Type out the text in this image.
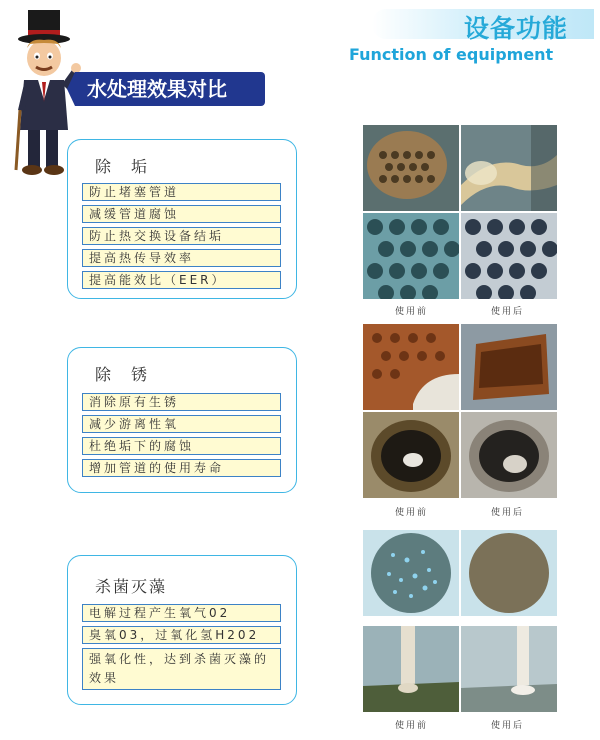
设备功能
Function of equipment
水处理效果对比
除　垢
防止堵塞管道
减缓管道腐蚀
防止热交换设备结垢
提高热传导效率
提高能效比（EER）
除　锈
消除原有生锈
减少游离性氧
杜绝垢下的腐蚀
增加管道的使用寿命
杀菌灭藻
电解过程产生氧气02
臭氧03，过氧化氢H202
强氧化性，达到杀菌灭藻的效果
使用前	使用后
使用前	使用后
使用前	使用后
